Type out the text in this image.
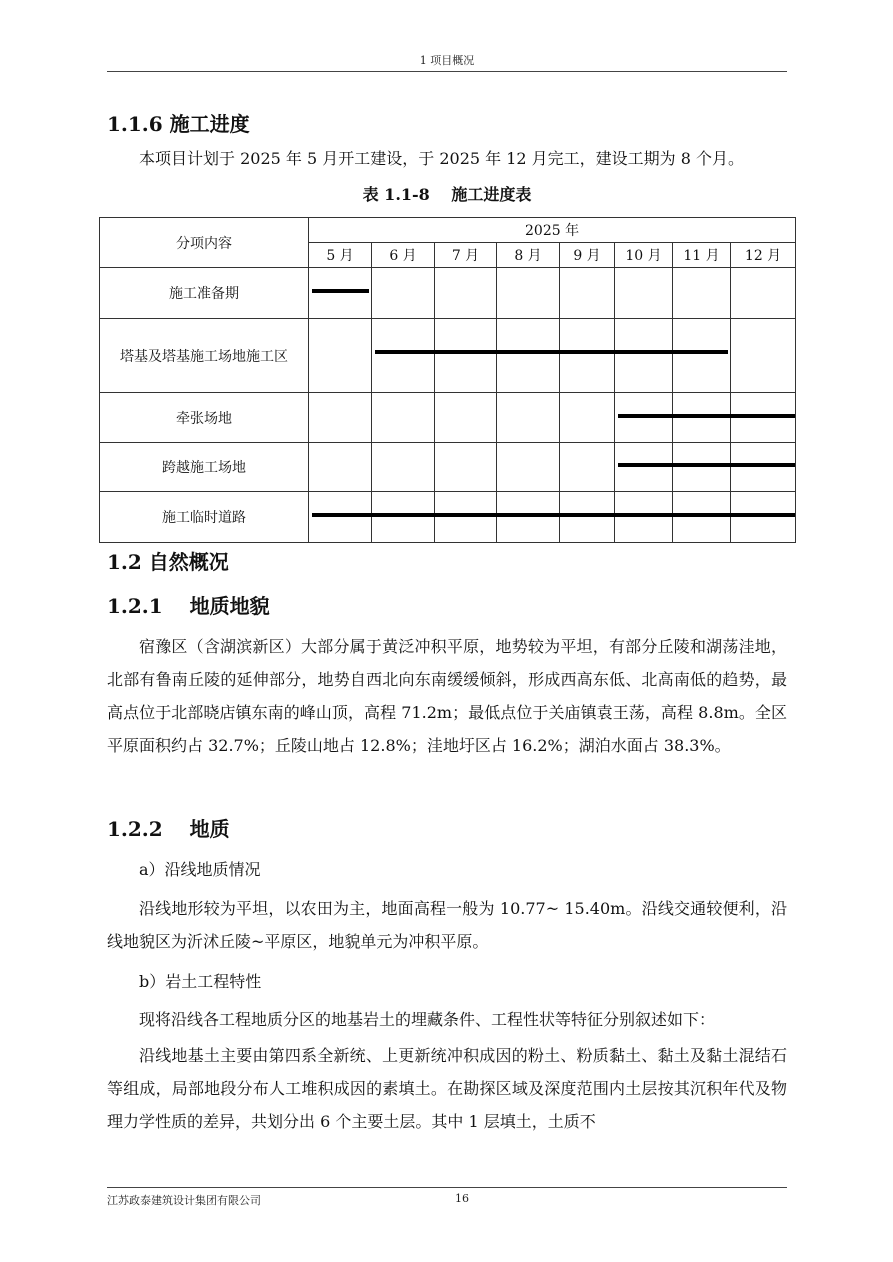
1 项目概况
1.1.6 施工进度

本项目计划于 2025 年 5 月开工建设，于 2025 年 12 月完工，建设工期为 8 个月。

表 1.1-8　 施工进度表
分项内容	2025 年							
	5 月	6 月	7 月	8 月	9 月	10 月	11 月	12 月
施工准备期								
塔基及塔基施工场地施工区								
牵张场地								
跨越施工场地								
施工临时道路								
1.2 自然概况
1.2.1　 地质地貌

宿豫区（含湖滨新区）大部分属于黄泛冲积平原，地势较为平坦，有部分丘陵和湖荡洼地，北部有鲁南丘陵的延伸部分，地势自西北向东南缓缓倾斜，形成西高东低、北高南低的趋势，最高点位于北部晓店镇东南的峰山顶，高程 71.2m；最低点位于关庙镇袁王荡，高程 8.8m。全区平原面积约占 32.7%；丘陵山地占 12.8%；洼地圩区占 16.2%；湖泊水面占 38.3%。

1.2.2　 地质

a）沿线地质情况

沿线地形较为平坦，以农田为主，地面高程一般为 10.77~ 15.40m。沿线交通较便利，沿线地貌区为沂沭丘陵~平原区，地貌单元为冲积平原。

b）岩土工程特性

现将沿线各工程地质分区的地基岩土的埋藏条件、工程性状等特征分别叙述如下：

沿线地基土主要由第四系全新统、上更新统冲积成因的粉土、粉质黏土、黏土及黏土混结石等组成，局部地段分布人工堆积成因的素填土。在勘探区域及深度范围内土层按其沉积年代及物理力学性质的差异，共划分出 6 个主要土层。其中 1 层填土，土质不

江苏政泰建筑设计集团有限公司	16
